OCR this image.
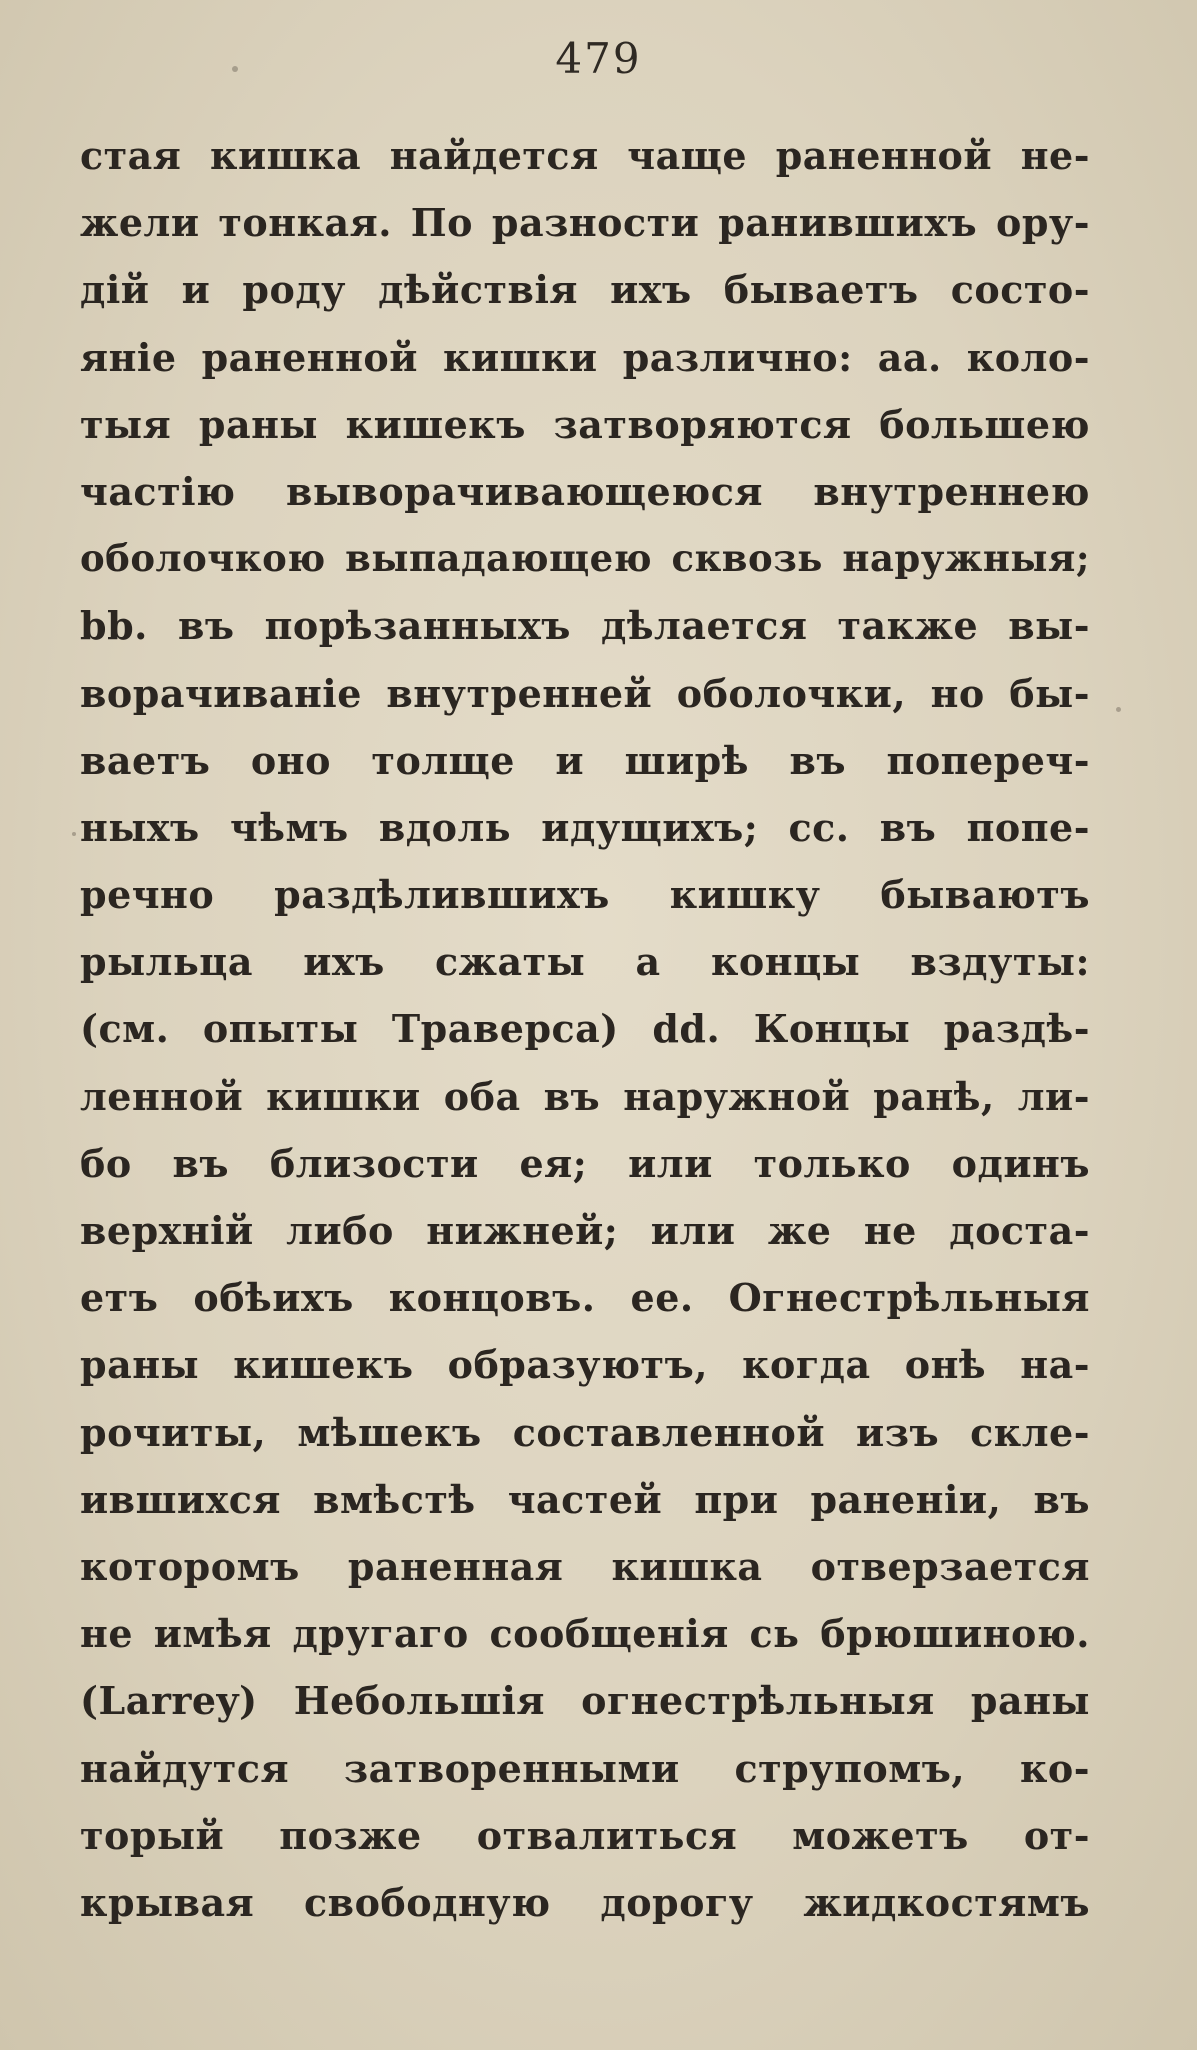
479
стая кишка найдется чаще раненной не-
жели тонкая. По разности ранившихъ ору-
дій и роду дѣйствія ихъ бываетъ состо-
яніе раненной кишки различно: аа. коло-
тыя раны кишекъ затворяются большею
частію выворачивающеюся внутреннею
оболочкою выпадающею сквозь наружныя;
bb. въ порѣзанныхъ дѣлается также вы-
ворачиваніе внутренней оболочки, но бы-
ваетъ оно толще и ширѣ въ попереч-
ныхъ чѣмъ вдоль идущихъ; сс. въ попе-
речно раздѣлившихъ кишку бываютъ
рыльца ихъ сжаты а концы вздуты:
(см. опыты Траверса) dd. Концы раздѣ-
ленной кишки оба въ наружной ранѣ, ли-
бо въ близости ея; или только одинъ
верхній либо нижней; или же не доста-
етъ обѣихъ концовъ. ее. Огнестрѣльныя
раны кишекъ образуютъ, когда онѣ на-
рочиты, мѣшекъ составленной изъ скле-
ившихся вмѣстѣ частей при раненіи, въ
которомъ раненная кишка отверзается
не имѣя другаго сообщенія сь брюшиною.
(Larrey) Небольшія огнестрѣльныя раны
найдутся затворенными струпомъ, ко-
торый позже отвалиться можетъ от-
крывая свободную дорогу жидкостямъ
